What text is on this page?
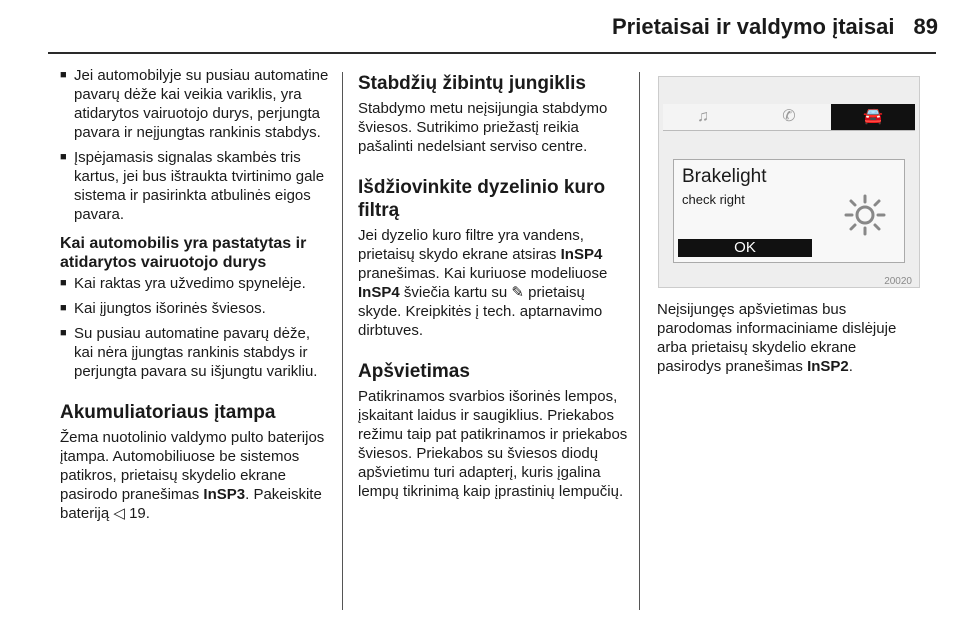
Prietaisai ir valdymo įtaisai 89
■ Jei automobilyje su pusiau automatine pavarų dėže kai veikia variklis, yra atidarytos vairuotojo durys, perjungta pavara ir neįjungtas rankinis stabdys.
■ Įspėjamasis signalas skambės tris kartus, jei bus ištraukta tvirtinimo gale sistema ir pasirinkta atbulinės eigos pavara.
Kai automobilis yra pastatytas ir atidarytos vairuotojo durys
■ Kai raktas yra užvedimo spynelėje.
■ Kai įjungtos išorinės šviesos.
■ Su pusiau automatine pavarų dėže, kai nėra įjungtas rankinis stabdys ir perjungta pavara su išjungtu varikliu.
Akumuliatoriaus įtampa

Žema nuotolinio valdymo pulto baterijos įtampa. Automobiliuose be sistemos patikros, prietaisų skydelio ekrane pasirodo pranešimas InSP3. Pakeiskite bateriją ◁ 19.

Stabdžių žibintų jungiklis

Stabdymo metu neįsijungia stabdymo šviesos. Sutrikimo priežastį reikia pašalinti nedelsiant serviso centre.

Išdžiovinkite dyzelinio kuro filtrą

Jei dyzelio kuro filtre yra vandens, prietaisų skydo ekrane atsiras InSP4 pranešimas. Kai kuriuose modeliuose InSP4 šviečia kartu su ✎ prietaisų skyde. Kreipkitės į tech. aptarnavimo dirbtuves.

Apšvietimas

Patikrinamos svarbios išorinės lempos, įskaitant laidus ir saugiklius. Priekabos režimu taip pat patikrinamos ir priekabos šviesos. Priekabos su šviesos diodų apšvietimu turi adapterį, kuris įgalina lempų tikrinimą kaip įprastinių lempučių.

♫	✆	🚘
Brakelight
check right
OK
20020

Neįsijungęs apšvietimas bus parodomas informaciniame dislėjuje arba prietaisų skydelio ekrane pasirodys pranešimas InSP2.
